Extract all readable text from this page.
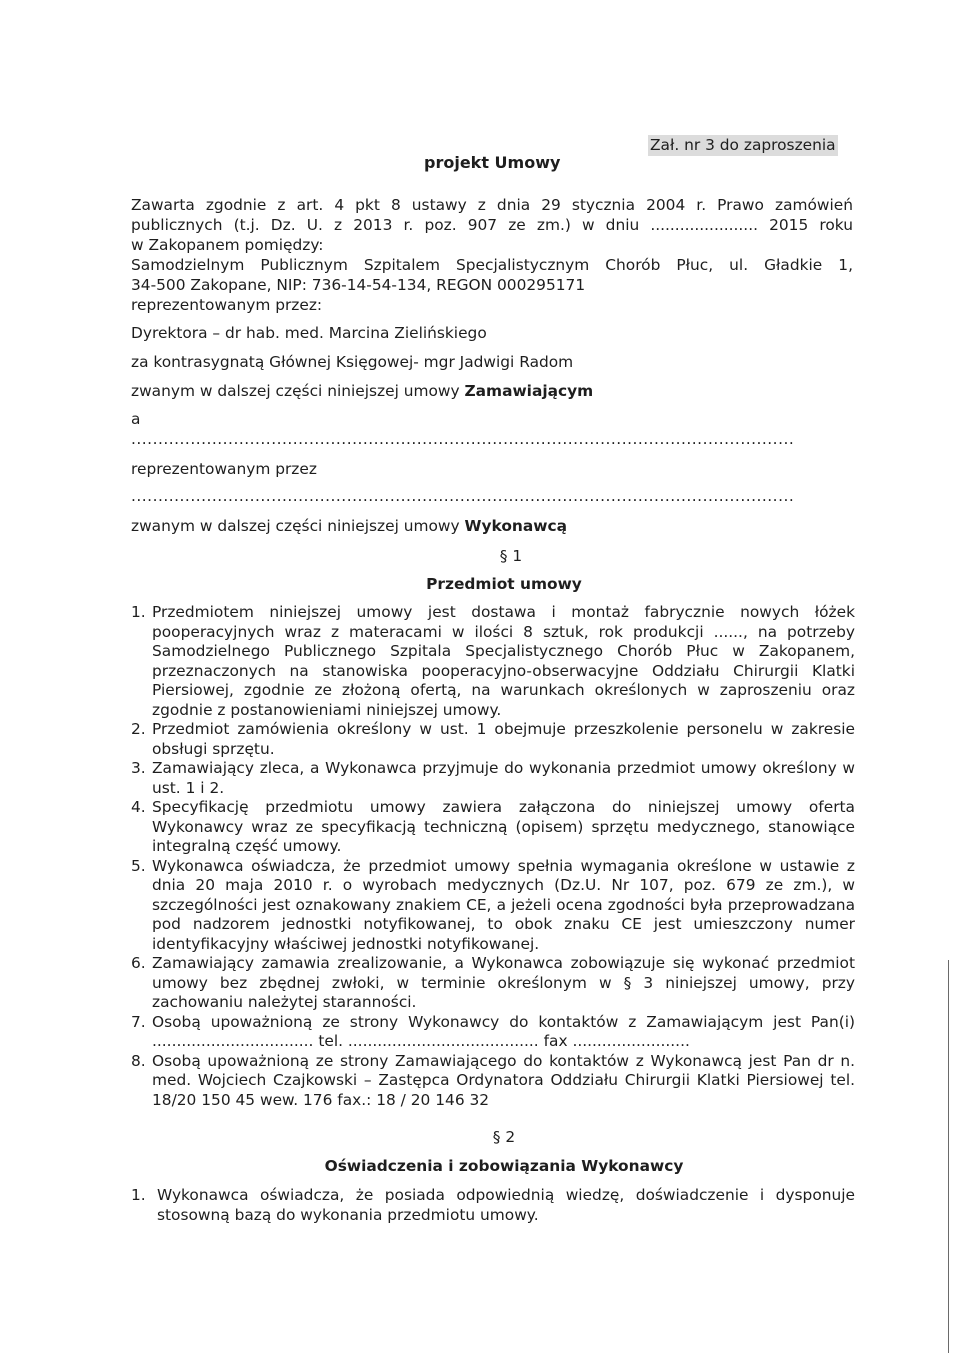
Zał. nr 3 do zaproszenia
projekt Umowy
Zawarta zgodnie z art. 4 pkt 8 ustawy z dnia 29 stycznia 2004 r. Prawo zamówień
publicznych (t.j. Dz. U. z 2013 r. poz. 907 ze zm.) w dniu ...................... 2015 roku
w Zakopanem pomiędzy:
Samodzielnym Publicznym Szpitalem Specjalistycznym Chorób Płuc, ul. Gładkie 1,
34-500 Zakopane, NIP: 736-14-54-134, REGON 000295171
reprezentowanym przez:
Dyrektora – dr hab. med. Marcina Zielińskiego
za kontrasygnatą Głównej Księgowej- mgr Jadwigi Radom
zwanym w dalszej części niniejszej umowy Zamawiającym
a
...........................................................................................................................
reprezentowanym przez
...........................................................................................................................
zwanym w dalszej części niniejszej umowy Wykonawcą
§ 1
Przedmiot umowy
1. Przedmiotem niniejszej umowy jest dostawa i montaż fabrycznie nowych łóżek pooperacyjnych wraz z materacami w ilości 8 sztuk, rok produkcji ......, na potrzeby Samodzielnego Publicznego Szpitala Specjalistycznego Chorób Płuc w Zakopanem, przeznaczonych na stanowiska pooperacyjno-obserwacyjne Oddziału Chirurgii Klatki Piersiowej, zgodnie ze złożoną ofertą, na warunkach określonych w zaproszeniu oraz zgodnie z postanowieniami niniejszej umowy.
2. Przedmiot zamówienia określony w ust. 1 obejmuje przeszkolenie personelu w zakresie obsługi sprzętu.
3. Zamawiający zleca, a Wykonawca przyjmuje do wykonania przedmiot umowy określony w ust. 1 i 2.
4. Specyfikację przedmiotu umowy zawiera załączona do niniejszej umowy oferta Wykonawcy wraz ze specyfikacją techniczną (opisem) sprzętu medycznego, stanowiące integralną część umowy.
5. Wykonawca oświadcza, że przedmiot umowy spełnia wymagania określone w ustawie z dnia 20 maja 2010 r. o wyrobach medycznych (Dz.U. Nr 107, poz. 679 ze zm.), w szczególności jest oznakowany znakiem CE, a jeżeli ocena zgodności była przeprowadzana pod nadzorem jednostki notyfikowanej, to obok znaku CE jest umieszczony numer identyfikacyjny właściwej jednostki notyfikowanej.
6. Zamawiający zamawia zrealizowanie, a Wykonawca zobowiązuje się wykonać przedmiot umowy bez zbędnej zwłoki, w terminie określonym w § 3 niniejszej umowy, przy zachowaniu należytej staranności.
7. Osobą upoważnioną ze strony Wykonawcy do kontaktów z Zamawiającym jest Pan(i) ................................. tel. ....................................... fax ........................
8. Osobą upoważnioną ze strony Zamawiającego do kontaktów z Wykonawcą jest Pan dr n. med. Wojciech Czajkowski – Zastępca Ordynatora Oddziału Chirurgii Klatki Piersiowej tel. 18/20 150 45 wew. 176 fax.: 18 / 20 146 32
§ 2
Oświadczenia i zobowiązania Wykonawcy
1. Wykonawca oświadcza, że posiada odpowiednią wiedzę, doświadczenie i dysponuje stosowną bazą do wykonania przedmiotu umowy.
